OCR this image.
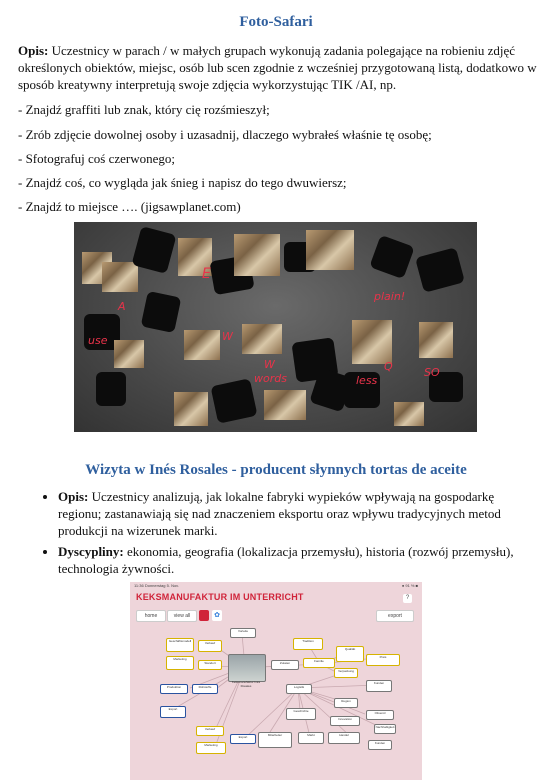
Foto-Safari
Opis: Uczestnicy w parach / w małych grupach wykonują zadania polegające na robieniu zdjęć
określonych obiektów, miejsc, osób lub scen zgodnie z wcześniej przygotowaną listą, dodatkowo w
sposób kreatywny interpretują swoje zdjęcia wykorzystując TIK /AI, np.
- Znajdź graffiti lub znak, który cię rozśmieszył;
- Zrób zdjęcie dowolnej osoby i uzasadnij, dlaczego wybrałeś właśnie tę osobę;
- Sfotografuj coś czerwonego;
- Znajdź coś, co wygląda jak śnieg i napisz do tego dwuwiersz;
- Znajdź to miejsce …. (jigsawplanet.com)
E
W
plain!
use
W
words	less
SO
A
Q
Wizyta w Inés Rosales - producent słynnych tortas de aceite
• Opis: Uczestnicy analizują, jak lokalne fabryki wypieków wpływają na gospodarkę regionu; zastanawiają się nad znaczeniem eksportu oraz wpływu tradycyjnych metod produkcji na wizerunek marki.
• Dyscypliny: ekonomia, geografia (lokalizacja przemysłu), historia (rozwój przemysłu), technologia żywności.
11:36 Donnerstag 5. Nov.	● 91 % ■
KEKSMANUFAKTUR IM UNTERRICHT	?
home	view all	✿	export
Vorteile
Geschäftsmodell	Verkauf
Marketing
Standort
Produktion	Rohstoffe
Export
Keksmanufaktur Inés Rosales
Zutaten
Tradition
Familie
Qualität
Preis
Verpackung
Logistik
Kunden
Region
Olivenöl
Geschichte
Innovation
Nachhaltigkeit
Mitarbeiter	Markt	Handel
Verkauf
Marketing
Export
Kunden
